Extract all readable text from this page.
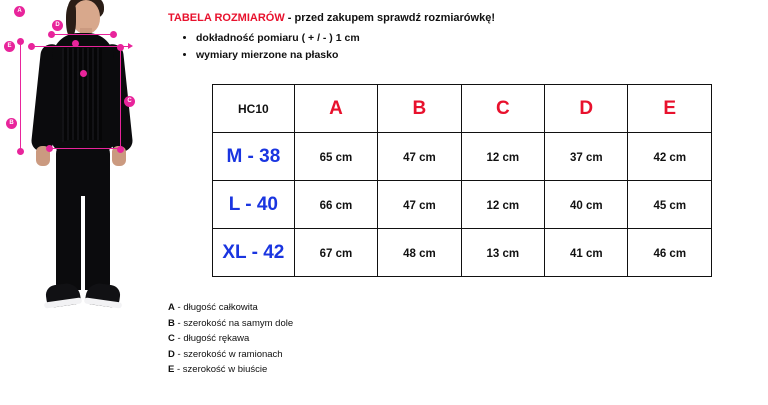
E
D
C
B
A
TABELA ROZMIARÓW - przed zakupem sprawdź rozmiarówkę!
• dokładność pomiaru ( + / - ) 1 cm
• wymiary mierzone na płasko
HC10	A	B	C	D	E
M - 38	65 cm	47 cm	12 cm	37 cm	42 cm
L - 40	66 cm	47 cm	12 cm	40 cm	45 cm
XL - 42	67 cm	48 cm	13 cm	41 cm	46 cm
A - długość całkowita
B - szerokość na samym dole
C - długość rękawa
D - szerokość w ramionach
E - szerokość w biuście
